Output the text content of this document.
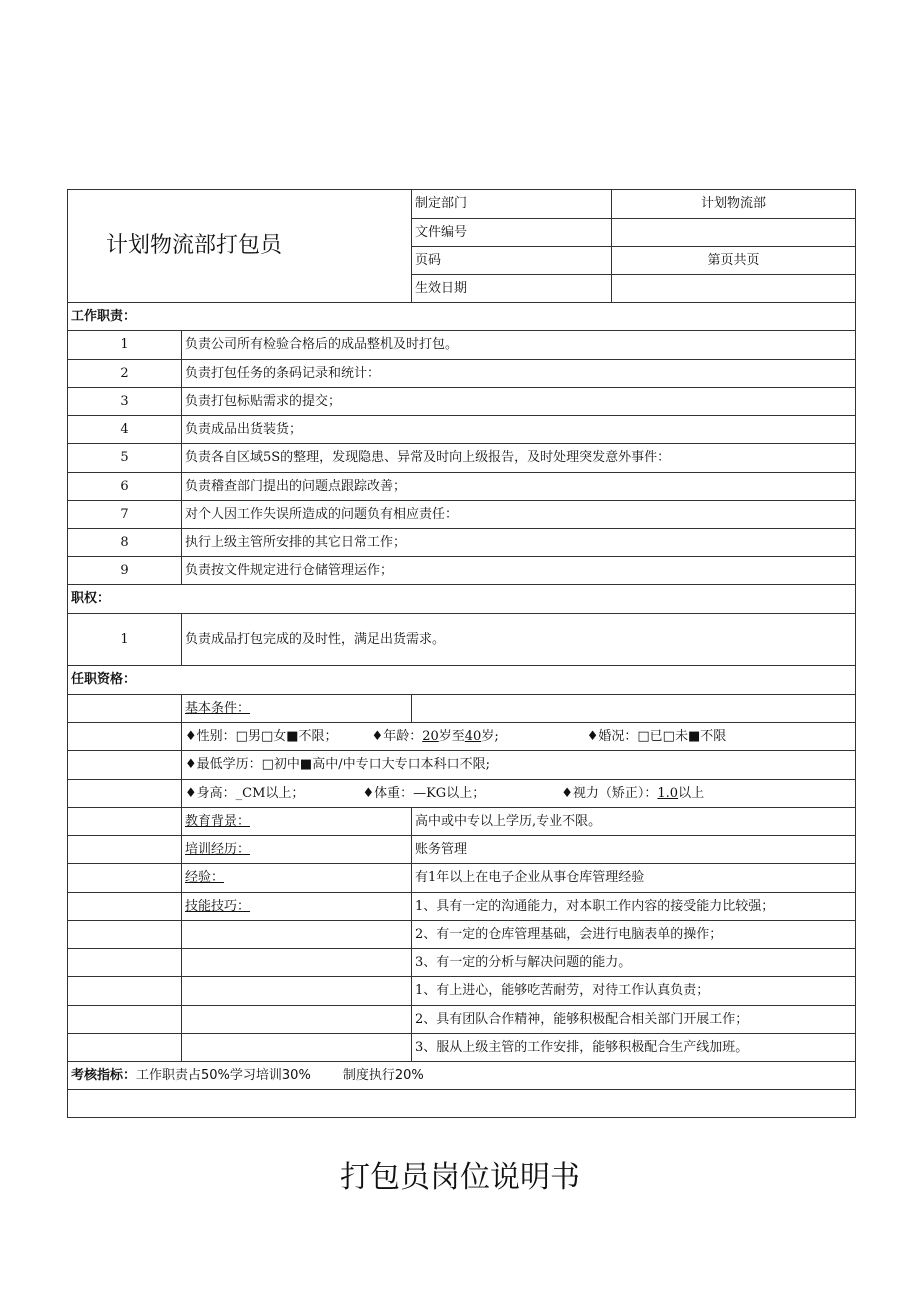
计划物流部打包员		制定部门	计划物流部
		文件编号	
		页码	第页共页
		生效日期	
工作职责：			
1	负责公司所有检验合格后的成品整机及时打包。		
2	负责打包任务的条码记录和统计：		
3	负责打包标贴需求的提交；		
4	负责成品出货装货；		
5	负责各自区域5S的整理，发现隐患、异常及时向上级报告，及时处理突发意外事件：		
6	负责稽查部门提出的问题点跟踪改善；		
7	对个人因工作失误所造成的问题负有相应责任：		
8	执行上级主管所安排的其它日常工作；		
9	负责按文件规定进行仓储管理运作；		
职权：			
1	负责成品打包完成的及时性，满足出货需求。		
任职资格：			
	基本条件：		
	♦性别：□男□女■不限； ♦年龄：20岁至40岁; ♦婚况：□已□未■不限		
	♦最低学历：□初中■高中/中专口大专口本科口不限;		
	♦身高：_CM以上； ♦体重：—KG以上； ♦视力（矫正）：1.0以上		
	教育背景：	高中或中专以上学历,专业不限。	
	培训经历：	账务管理	
	经验：	有1年以上在电子企业从事仓库管理经验	
	技能技巧：	1、具有一定的沟通能力，对本职工作内容的接受能力比较强；	
		2、有一定的仓库管理基础，会进行电脑表单的操作；	
		3、有一定的分析与解决问题的能力。	
		1、有上进心，能够吃苦耐劳，对待工作认真负责；	
		2、具有团队合作精神，能够积极配合相关部门开展工作；	
		3、服从上级主管的工作安排，能够积极配合生产线加班。	
考核指标：工作职责占50%学习培训30% 制度执行20%			

打包员岗位说明书
